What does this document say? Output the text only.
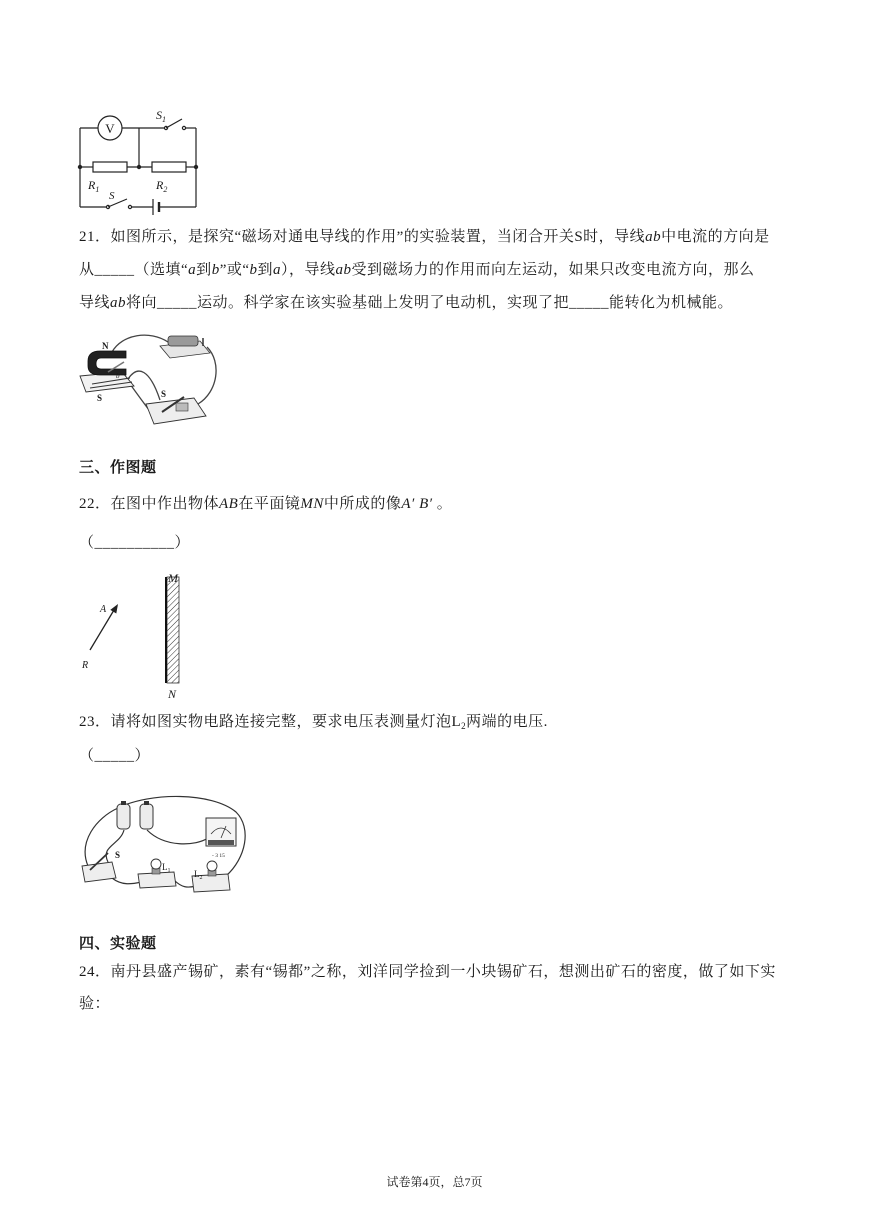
V
$S_1$
$R_1$	$R_2$
S
21．如图所示，是探究“磁场对通电导线的作用”的实验装置，当闭合开关S时，导线ab中电流的方向是
从_____（选填“a到b”或“b到a），导线ab受到磁场力的作用而向左运动，如果只改变电流方向，那么
导线ab将向_____运动。科学家在该实验基础上发明了电动机，实现了把_____能转化为机械能。
N
b
S	S
三、作图题
22．在图中作出物体AB在平面镜MN中所成的像A′ B′ 。
（__________）
M
N
A
R
23．请将如图实物电路连接完整，要求电压表测量灯泡$L_2$两端的电压.
（_____）
- 3 15
S
$L_1$	$L_2$
四、实验题
24．南丹县盛产锡矿，素有“锡都”之称，刘洋同学捡到一小块锡矿石，想测出矿石的密度，做了如下实
验：
试卷第4页，总7页
